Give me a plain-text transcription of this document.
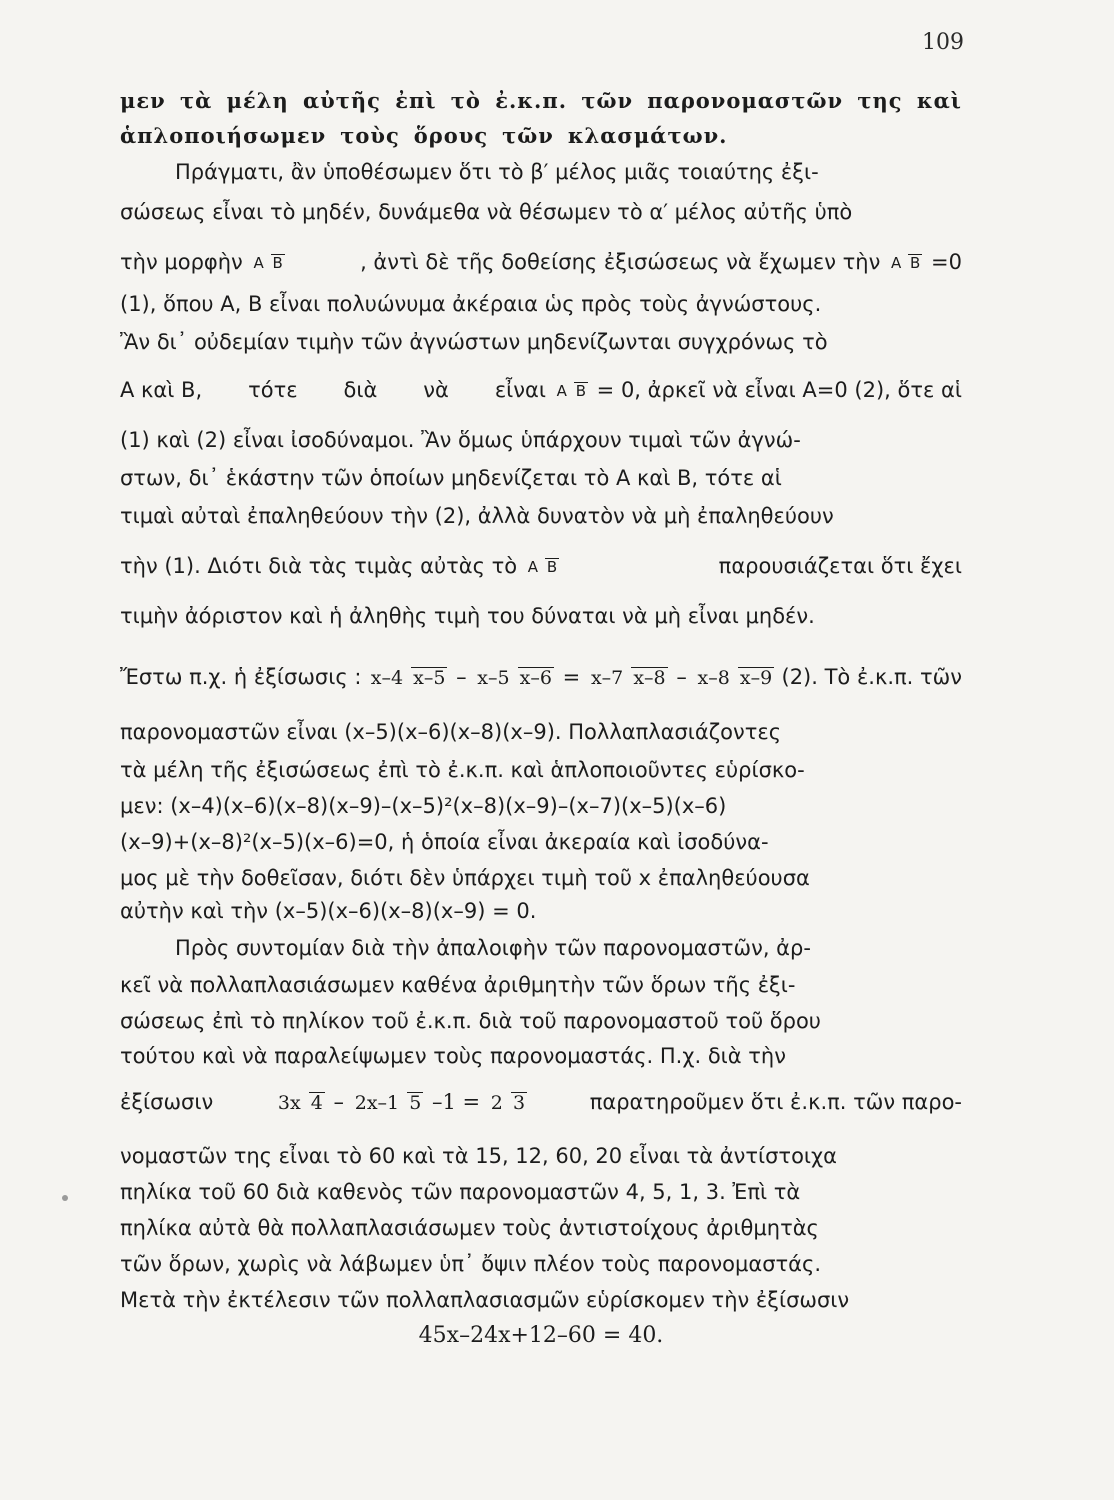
109
μεν τὰ μέλη αὐτῆς ἐπὶ τὸ ἐ.κ.π. τῶν παρονομαστῶν της καὶ
ἁπλοποιήσωμεν τοὺς ὅρους τῶν κλασμάτων.
Πράγματι, ἂν ὑποθέσωμεν ὅτι τὸ β′ μέλος μιᾶς τοιαύτης ἐξι-
σώσεως εἶναι τὸ μηδέν, δυνάμεθα νὰ θέσωμεν τὸ α′ μέλος αὐτῆς ὑπὸ
τὴν μορφὴν A B	, ἀντὶ δὲ τῆς δοθείσης ἐξισώσεως νὰ ἔχωμεν τὴν A B =0
(1), ὅπου A, B εἶναι πολυώνυμα ἀκέραια ὡς πρὸς τοὺς ἀγνώστους.
Ἂν δι᾿ οὐδεμίαν τιμὴν τῶν ἀγνώστων μηδενίζωνται συγχρόνως τὸ
A καὶ B, τότε διὰ νὰ εἶναι A B = 0, ἀρκεῖ νὰ εἶναι A=0 (2), ὅτε αἱ
(1) καὶ (2) εἶναι ἰσοδύναμοι. Ἂν ὅμως ὑπάρχουν τιμαὶ τῶν ἀγνώ-
στων, δι᾿ ἑκάστην τῶν ὁποίων μηδενίζεται τὸ A καὶ B, τότε αἱ
τιμαὶ αὐταὶ ἐπαληθεύουν τὴν (2), ἀλλὰ δυνατὸν νὰ μὴ ἐπαληθεύουν
τὴν (1). Διότι διὰ τὰς τιμὰς αὐτὰς τὸ A B	παρουσιάζεται ὅτι ἔχει
τιμὴν ἀόριστον καὶ ἡ ἀληθὴς τιμὴ του δύναται νὰ μὴ εἶναι μηδέν.
Ἔστω π.χ. ἡ ἐξίσωσις : x–4 x–5 – x–5 x–6 = x–7 x–8 – x–8 x–9 (2). Τὸ ἐ.κ.π. τῶν
παρονομαστῶν εἶναι (x–5)(x–6)(x–8)(x–9). Πολλαπλασιάζοντες
τὰ μέλη τῆς ἐξισώσεως ἐπὶ τὸ ἐ.κ.π. καὶ ἁπλοποιοῦντες εὑρίσκο-
μεν: (x–4)(x–6)(x–8)(x–9)–(x–5)²(x–8)(x–9)–(x–7)(x–5)(x–6)
(x–9)+(x–8)²(x–5)(x–6)=0, ἡ ὁποία εἶναι ἀκεραία καὶ ἰσοδύνα-
μος μὲ τὴν δοθεῖσαν, διότι δὲν ὑπάρχει τιμὴ τοῦ x ἐπαληθεύουσα
αὐτὴν καὶ τὴν (x–5)(x–6)(x–8)(x–9) = 0.
Πρὸς συντομίαν διὰ τὴν ἀπαλοιφὴν τῶν παρονομαστῶν, ἀρ-
κεῖ νὰ πολλαπλασιάσωμεν καθένα ἀριθμητὴν τῶν ὅρων τῆς ἐξι-
σώσεως ἐπὶ τὸ πηλίκον τοῦ ἐ.κ.π. διὰ τοῦ παρονομαστοῦ τοῦ ὅρου
τούτου καὶ νὰ παραλείψωμεν τοὺς παρονομαστάς. Π.χ. διὰ τὴν
ἐξίσωσιν	3x 4 – 2x–1 5 –1 = 2 3	παρατηροῦμεν ὅτι ἐ.κ.π. τῶν παρο-
νομαστῶν της εἶναι τὸ 60 καὶ τὰ 15, 12, 60, 20 εἶναι τὰ ἀντίστοιχα
πηλίκα τοῦ 60 διὰ καθενὸς τῶν παρονομαστῶν 4, 5, 1, 3. Ἐπὶ τὰ
πηλίκα αὐτὰ θὰ πολλαπλασιάσωμεν τοὺς ἀντιστοίχους ἀριθμητὰς
τῶν ὅρων, χωρὶς νὰ λάβωμεν ὑπ᾿ ὄψιν πλέον τοὺς παρονομαστάς.
Μετὰ τὴν ἐκτέλεσιν τῶν πολλαπλασιασμῶν εὑρίσκομεν τὴν ἐξίσωσιν
45x–24x+12–60 = 40.
